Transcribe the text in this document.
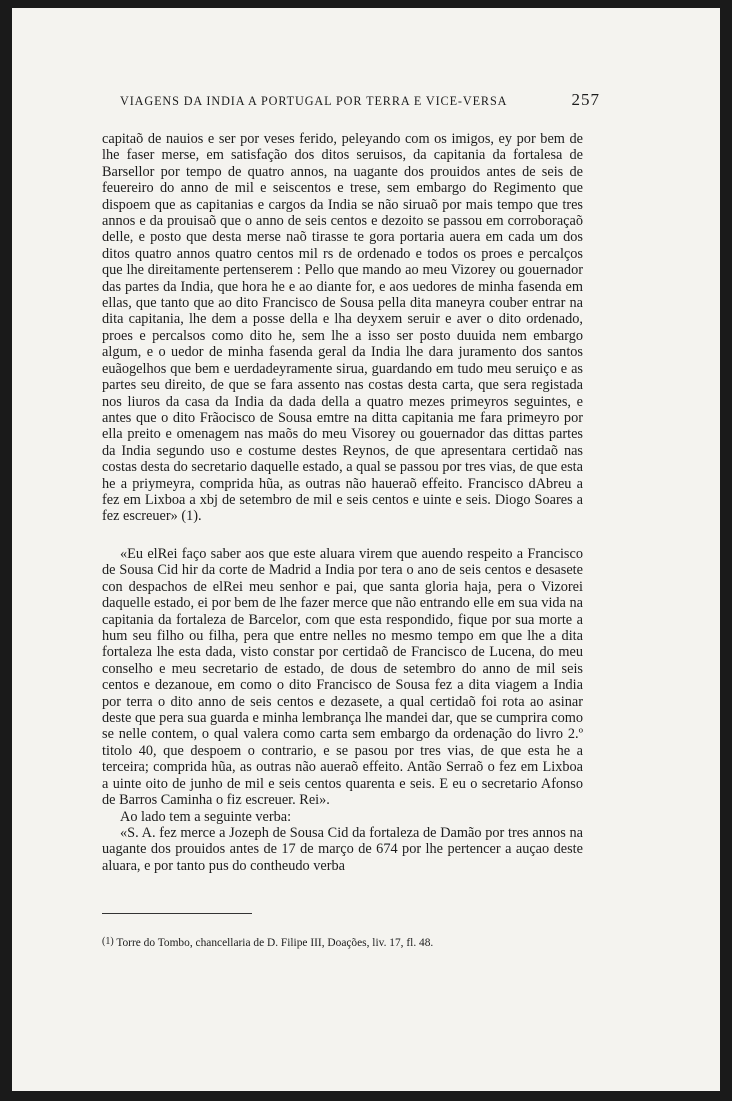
VIAGENS DA INDIA A PORTUGAL POR TERRA E VICE-VERSA	257

capitaõ de nauios e ser por veses ferido, peleyando com os imigos, ey por bem de lhe faser merse, em satisfação dos ditos seruisos, da capitania da fortalesa de Barsellor por tempo de quatro annos, na uagante dos prouidos antes de seis de feuereiro do anno de mil e seiscentos e trese, sem embargo do Regimento que dispoem que as capitanias e cargos da India se não siruaõ por mais tempo que tres annos e da prouisaõ que o anno de seis centos e dezoito se passou em corroboraçaõ delle, e posto que desta merse naõ tirasse te gora portaria auera em cada um dos ditos quatro annos quatro centos mil rs de ordenado e todos os proes e percalços que lhe direitamente pertenserem : Pello que mando ao meu Vizorey ou gouernador das partes da India, que hora he e ao diante for, e aos uedores de minha fasenda em ellas, que tanto que ao dito Francisco de Sousa pella dita maneyra couber entrar na dita capitania, lhe dem a posse della e lha deyxem seruir e aver o dito ordenado, proes e percalsos como dito he, sem lhe a isso ser posto duuida nem embargo algum, e o uedor de minha fasenda geral da India lhe dara juramento dos santos euãogelhos que bem e uerdadeyramente sirua, guardando em tudo meu seruiço e as partes seu direito, de que se fara assento nas costas desta carta, que sera registada nos liuros da casa da India da dada della a quatro mezes primeyros seguintes, e antes que o dito Frãocisco de Sousa emtre na ditta capitania me fara primeyro por ella preito e omenagem nas maõs do meu Visorey ou gouernador das dittas partes da India segundo uso e costume destes Reynos, de que apresentara certidaõ nas costas desta do secretario daquelle estado, a qual se passou por tres vias, de que esta he a priymeyra, comprida hũa, as outras não haueraõ effeito. Francisco dAbreu a fez em Lixboa a xbj de setembro de mil e seis centos e uinte e seis. Diogo Soares a fez escreuer» (1).

«Eu elRei faço saber aos que este aluara virem que auendo respeito a Francisco de Sousa Cid hir da corte de Madrid a India por tera o ano de seis centos e desasete con despachos de elRei meu senhor e pai, que santa gloria haja, pera o Vizorei daquelle estado, ei por bem de lhe fazer merce que não entrando elle em sua vida na capitania da fortaleza de Barcelor, com que esta respondido, fique por sua morte a hum seu filho ou filha, pera que entre nelles no mesmo tempo em que lhe a dita fortaleza lhe esta dada, visto constar por certidaõ de Francisco de Lucena, do meu conselho e meu secretario de estado, de dous de setembro do anno de mil seis centos e dezanoue, em como o dito Francisco de Sousa fez a dita viagem a India por terra o dito anno de seis centos e dezasete, a qual certidaõ foi rota ao asinar deste que pera sua guarda e minha lembrança lhe mandei dar, que se cumprira como se nelle contem, o qual valera como carta sem embargo da ordenação do livro 2.º titolo 40, que despoem o contrario, e se pasou por tres vias, de que esta he a terceira; comprida hũa, as outras não aueraõ effeito. Antão Serraõ o fez em Lixboa a uinte oito de junho de mil e seis centos quarenta e seis. E eu o secretario Afonso de Barros Caminha o fiz escreuer. Rei».

Ao lado tem a seguinte verba:

«S. A. fez merce a Jozeph de Sousa Cid da fortaleza de Damão por tres annos na uagante dos prouidos antes de 17 de março de 674 por lhe pertencer a auçao deste aluara, e por tanto pus do contheudo verba

(1) Torre do Tombo, chancellaria de D. Filipe III, Doações, liv. 17, fl. 48.
